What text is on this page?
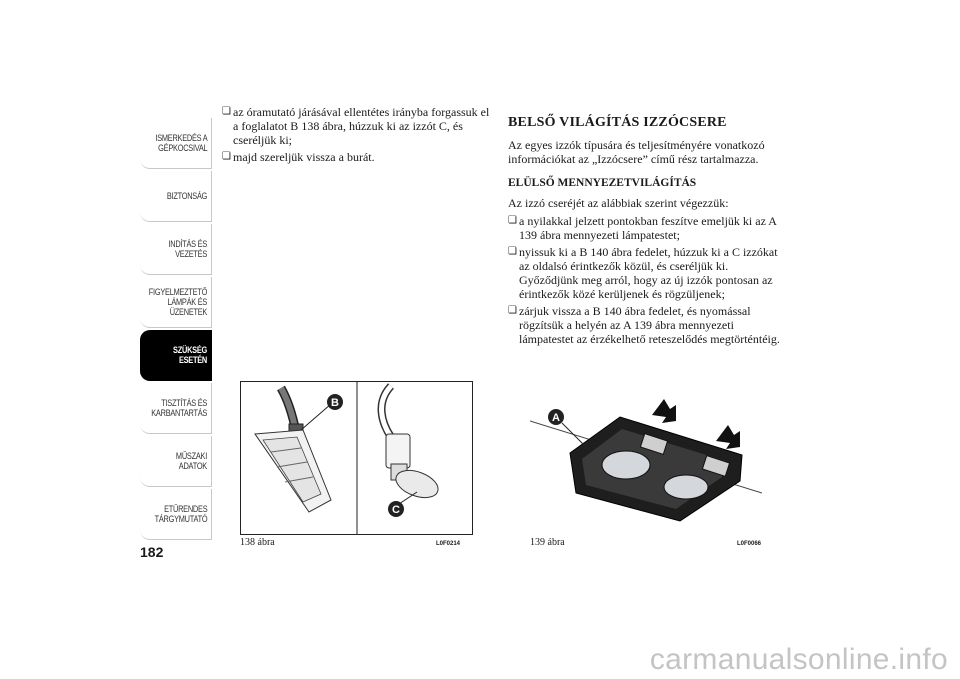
ISMERKEDÉS A
GÉPKOCSIVAL
BIZTONSÁG
INDÍTÁS ÉS
VEZETÉS
FIGYELMEZTETŐ
LÁMPÁK ÉS
ÜZENETEK
SZÜKSÉG ESETÉN
TISZTÍTÁS ÉS
KARBANTARTÁS
MŰSZAKI ADATOK
ETŰRENDES
TÁRGYMUTATÓ
182
❏ az óramutató járásával ellentétes irányba forgassuk el a foglalatot B 138 ábra, húzzuk ki az izzót C, és cseréljük ki;
❏ majd szereljük vissza a burát.
BELSŐ VILÁGÍTÁS IZZÓCSERE

Az egyes izzók típusára és teljesítményére vonatkozó információkat az „Izzócsere” című rész tartalmazza.

ELÜLSŐ MENNYEZETVILÁGÍTÁS

Az izzó cseréjét az alábbiak szerint végezzük:

❏ a nyilakkal jelzett pontokban feszítve emeljük ki az A 139 ábra mennyezeti lámpatestet;
❏ nyissuk ki a B 140 ábra fedelet, húzzuk ki a C izzókat az oldalsó érintkezők közül, és cseréljük ki. Győződjünk meg arról, hogy az új izzók pontosan az érintkezők közé kerüljenek és rögzüljenek;
❏ zárjuk vissza a B 140 ábra fedelet, és nyomással rögzítsük a helyén az A 139 ábra mennyezeti lámpatestet az érzékelhető reteszelődés megtörténtéig.
B
C
138 ábra	L0F0214
A
139 ábra	L0F0066
carmanualsonline.info
